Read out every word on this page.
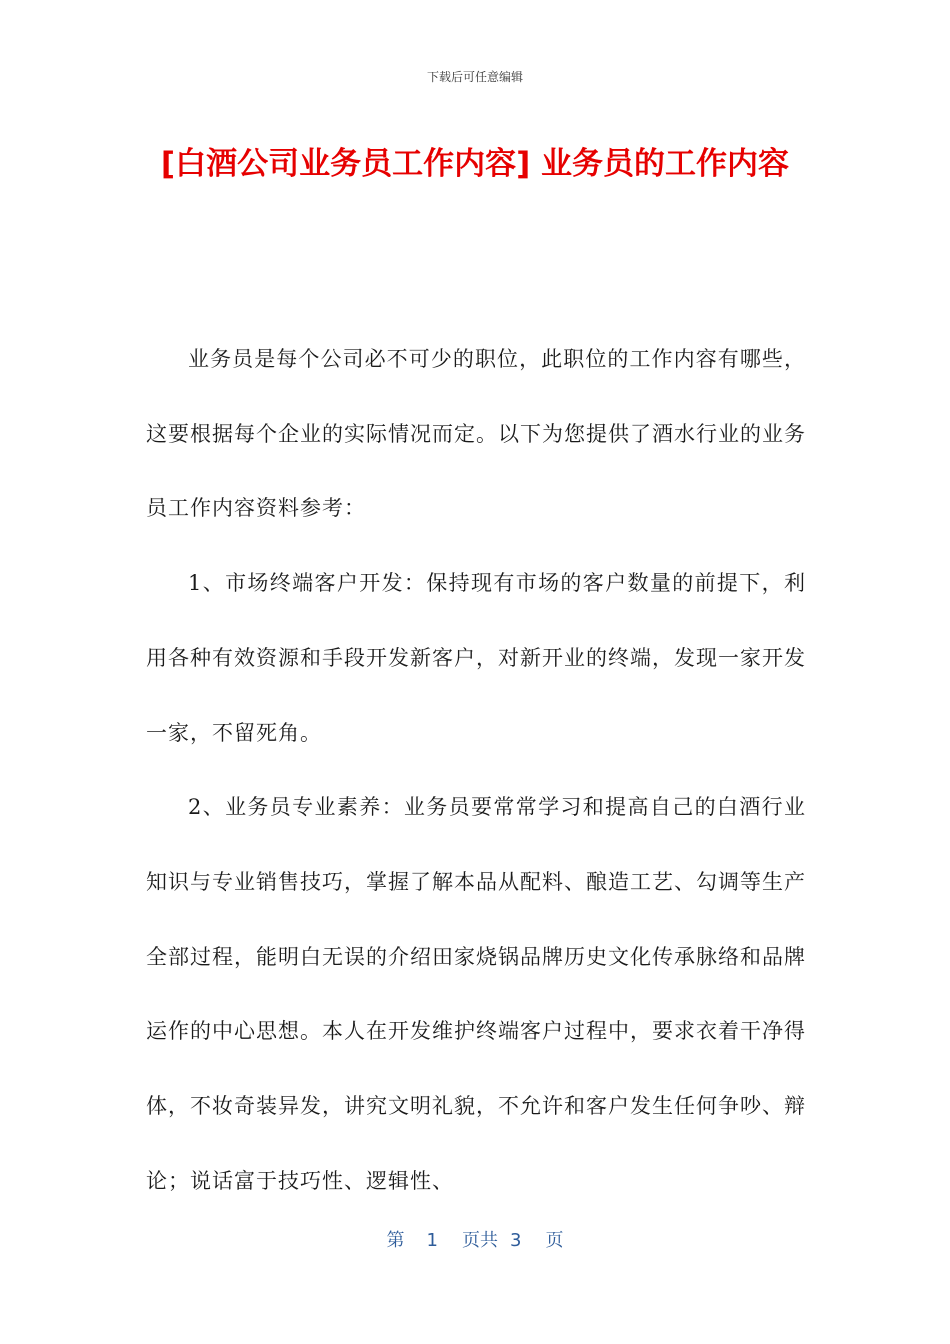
下载后可任意编辑
[白酒公司业务员工作内容] 业务员的工作内容

业务员是每个公司必不可少的职位，此职位的工作内容有哪些，这要根据每个企业的实际情况而定。以下为您提供了酒水行业的业务员工作内容资料参考：

1、市场终端客户开发：保持现有市场的客户数量的前提下，利用各种有效资源和手段开发新客户，对新开业的终端，发现一家开发一家，不留死角。

2、业务员专业素养：业务员要常常学习和提高自己的白酒行业知识与专业销售技巧，掌握了解本品从配料、酿造工艺、勾调等生产全部过程，能明白无误的介绍田家烧锅品牌历史文化传承脉络和品牌运作的中心思想。本人在开发维护终端客户过程中，要求衣着干净得体，不妆奇装异发，讲究文明礼貌，不允许和客户发生任何争吵、辩论；说话富于技巧性、逻辑性、

第 1 页共 3 页
